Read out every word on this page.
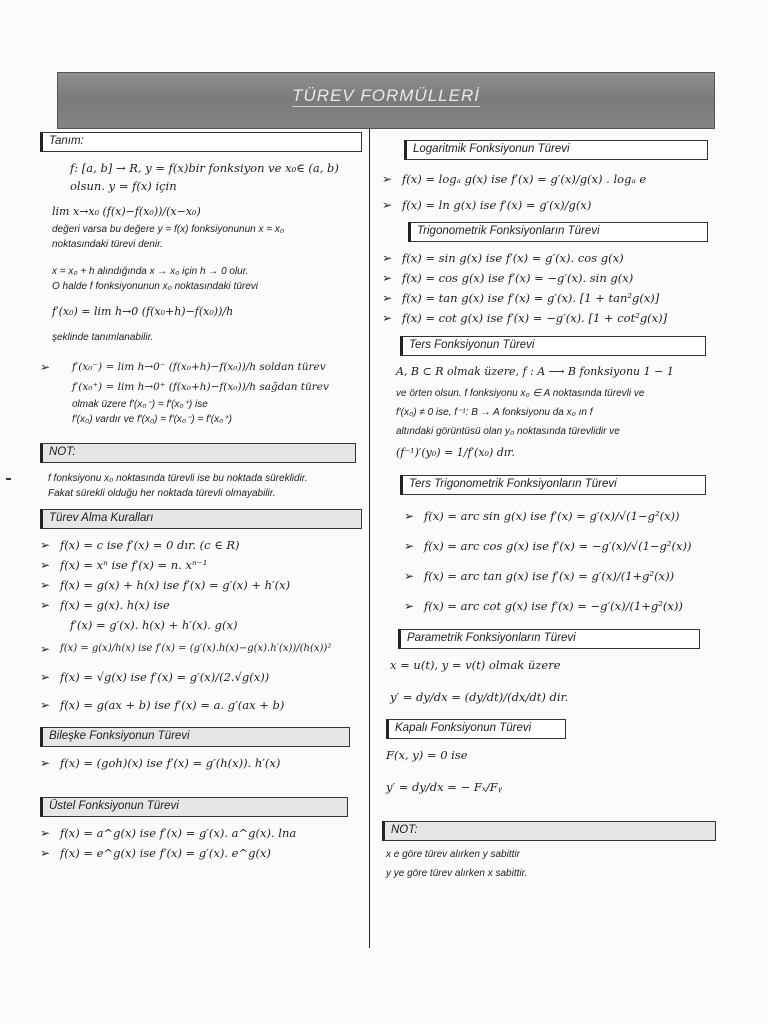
TÜREV FORMÜLLERİ
Tanım:

f: [a, b] → R, y = f(x)bir fonksiyon ve x₀∈ (a, b)

olsun. y = f(x) için

lim x→x₀ (f(x)−f(x₀))/(x−x₀)

değeri varsa bu değere y = f(x) fonksiyonunun x = x₀

noktasındaki türevi denir.

x = x₀ + h alındığında x → x₀ için h → 0 olur.

O halde f fonksiyonunun x₀ noktasındaki türevi

f′(x₀) = lim h→0 (f(x₀+h)−f(x₀))/h

şeklinde tanımlanabilir.

➢ f′(x₀⁻) = lim h→0⁻ (f(x₀+h)−f(x₀))/h soldan türev

f′(x₀⁺) = lim h→0⁺ (f(x₀+h)−f(x₀))/h sağdan türev

olmak üzere f′(x₀⁻) = f′(x₀⁺) ise

f′(x₀) vardır ve f′(x₀) = f′(x₀⁻) = f′(x₀⁺)

NOT:

f fonksiyonu x₀ noktasında türevli ise bu noktada süreklidir.

Fakat sürekli olduğu her noktada türevli olmayabilir.

Türev Alma Kuralları

➢ f(x) = c ise f′(x) = 0 dır. (c ∈ R)

➢ f(x) = xⁿ ise f′(x) = n. xⁿ⁻¹

➢ f(x) = g(x) + h(x) ise f′(x) = g′(x) + h′(x)

➢ f(x) = g(x). h(x) ise

f′(x) = g′(x). h(x) + h′(x). g(x)

➢ f(x) = g(x)/h(x) ise f′(x) = (g′(x).h(x)−g(x).h′(x))/(h(x))²

➢ f(x) = √g(x) ise f′(x) = g′(x)/(2.√g(x))

➢ f(x) = g(ax + b) ise f′(x) = a. g′(ax + b)

Bileşke Fonksiyonun Türevi

➢ f(x) = (goh)(x) ise f′(x) = g′(h(x)). h′(x)

Üstel Fonksiyonun Türevi

➢ f(x) = a^g(x) ise f′(x) = g′(x). a^g(x). lna

➢ f(x) = e^g(x) ise f′(x) = g′(x). e^g(x)

Logaritmik Fonksiyonun Türevi

➢ f(x) = logₐ g(x) ise f′(x) = g′(x)/g(x) . logₐ e

➢ f(x) = ln g(x) ise f′(x) = g′(x)/g(x)

Trigonometrik Fonksiyonların Türevi

➢ f(x) = sin g(x) ise f′(x) = g′(x). cos g(x)

➢ f(x) = cos g(x) ise f′(x) = −g′(x). sin g(x)

➢ f(x) = tan g(x) ise f′(x) = g′(x). [1 + tan²g(x)]

➢ f(x) = cot g(x) ise f′(x) = −g′(x). [1 + cot²g(x)]

Ters Fonksiyonun Türevi

A, B ⊂ R olmak üzere, f : A ⟶ B fonksiyonu 1 − 1

ve örten olsun. f fonksiyonu x₀ ∈ A noktasında türevli ve

f′(x₀) ≠ 0 ise, f⁻¹: B → A fonksiyonu da x₀ ın f

altındaki görüntüsü olan y₀ noktasında türevlidir ve

(f⁻¹)′(y₀) = 1/f′(x₀) dır.

Ters Trigonometrik Fonksiyonların Türevi

➢ f(x) = arc sin g(x) ise f′(x) = g′(x)/√(1−g²(x))

➢ f(x) = arc cos g(x) ise f′(x) = −g′(x)/√(1−g²(x))

➢ f(x) = arc tan g(x) ise f′(x) = g′(x)/(1+g²(x))

➢ f(x) = arc cot g(x) ise f′(x) = −g′(x)/(1+g²(x))

Parametrik Fonksiyonların Türevi

x = u(t), y = v(t) olmak üzere

y′ = dy/dx = (dy/dt)/(dx/dt) dir.

Kapalı Fonksiyonun Türevi

F(x, y) = 0 ise

y′ = dy/dx = − Fₓ/Fᵧ

NOT:

x e göre türev alırken y sabittir

y ye göre türev alırken x sabittir.
